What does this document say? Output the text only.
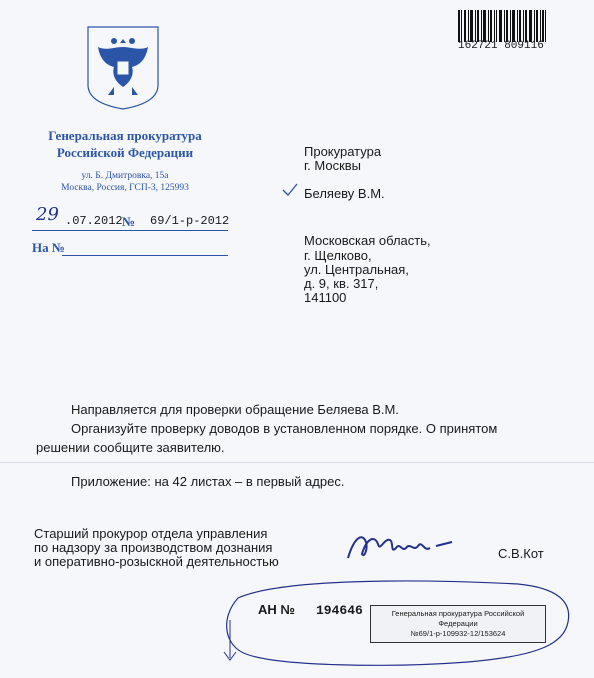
162721 809116
Генеральная прокуратура
Российской Федерации
ул. Б. Дмитровка, 15а
Москва, Россия, ГСП-3, 125993
29 .07.2012 № 69/1-р-2012
На №
Прокуратура
г. Москвы
Беляеву В.М.
Московская область,
г. Щелково,
ул. Центральная,
д. 9, кв. 317,
141100
Направляется для проверки обращение Беляева В.М.
Организуйте проверку доводов в установленном порядке. О принятом
решении сообщите заявителю.
Приложение: на 42 листах – в первый адрес.
Старший прокурор отдела управления
по надзору за производством дознания
и оперативно-розыскной деятельностью
С.В.Кот
АН № 194646	Генеральная прокуратура Российской
Федерации
№69/1-р-109932-12/153624
